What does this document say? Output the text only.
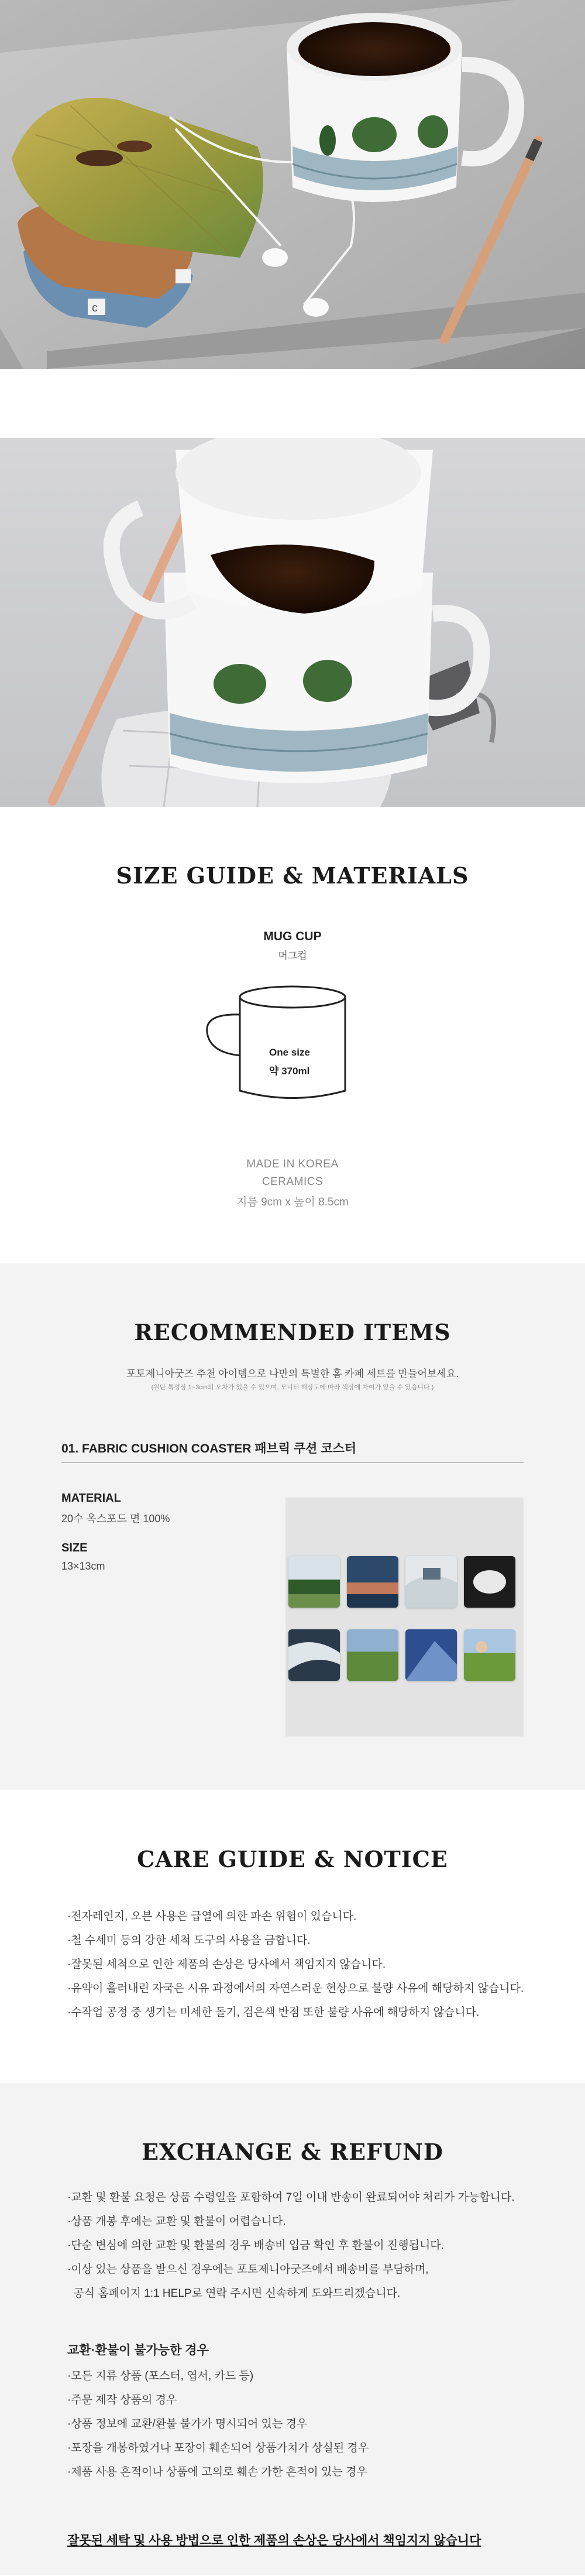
c
SIZE GUIDE & MATERIALS
MUG CUP
머그컵
One size
약 370ml
MADE IN KOREA
CERAMICS
지름 9cm x 높이 8.5cm
RECOMMENDED ITEMS
포토제니아굿즈 추천 아이템으로 나만의 특별한 홈 카페 세트를 만들어보세요.
(원단 특성상 1~3cm의 오차가 있을 수 있으며, 모니터 해상도에 따라 색상에 차이가 있을 수 있습니다.)
01. FABRIC CUSHION COASTER 패브릭 쿠션 코스터
MATERIAL
20수 옥스포드 면 100%
SIZE
13×13cm
CARE GUIDE & NOTICE
·전자레인지, 오븐 사용은 급열에 의한 파손 위험이 있습니다.
·철 수세미 등의 강한 세척 도구의 사용을 금합니다.
·잘못된 세척으로 인한 제품의 손상은 당사에서 책임지지 않습니다.
·유약이 흘러내린 자국은 시유 과정에서의 자연스러운 현상으로 불량 사유에 해당하지 않습니다.
·수작업 공정 중 생기는 미세한 돌기, 검은색 반점 또한 불량 사유에 해당하지 않습니다.
EXCHANGE & REFUND
·교환 및 환불 요청은 상품 수령일을 포함하여 7일 이내 반송이 완료되어야 처리가 가능합니다.
·상품 개봉 후에는 교환 및 환불이 어렵습니다.
·단순 변심에 의한 교환 및 환불의 경우 배송비 입금 확인 후 환불이 진행됩니다.
·이상 있는 상품을 받으신 경우에는 포토제니아굿즈에서 배송비를 부담하며,
공식 홈페이지 1:1 HELP로 연락 주시면 신속하게 도와드리겠습니다.
교환·환불이 불가능한 경우
·모든 지류 상품 (포스터, 엽서, 카드 등)
·주문 제작 상품의 경우
·상품 정보에 교환/환불 불가가 명시되어 있는 경우
·포장을 개봉하였거나 포장이 훼손되어 상품가치가 상실된 경우
·제품 사용 흔적이나 상품에 고의로 훼손 가한 흔적이 있는 경우
잘못된 세탁 및 사용 방법으로 인한 제품의 손상은 당사에서 책임지지 않습니다
